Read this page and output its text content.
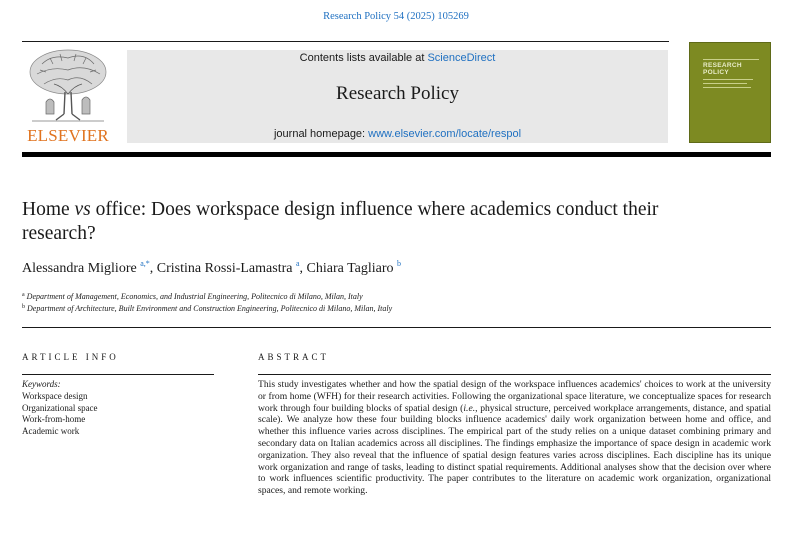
Research Policy 54 (2025) 105269
ELSEVIER
Contents lists available at ScienceDirect
Research Policy
journal homepage: www.elsevier.com/locate/respol
RESEARCH
POLICY
Home vs office: Does workspace design influence where academics conduct their research?
Alessandra Migliore $^{a,*}$, Cristina Rossi-Lamastra $^a$, Chiara Tagliaro $^b$
$^a$ Department of Management, Economics, and Industrial Engineering, Politecnico di Milano, Milan, Italy
$^b$ Department of Architecture, Built Environment and Construction Engineering, Politecnico di Milano, Milan, Italy
ARTICLE INFO
Keywords:
Workspace design
Organizational space
Work-from-home
Academic work
ABSTRACT
This study investigates whether and how the spatial design of the workspace influences academics' choices to work at the university or from home (WFH) for their research activities. Following the organizational space literature, we conceptualize spaces for research work through four building blocks of spatial design (i.e., physical structure, perceived workplace arrangements, distance, and spatial scale). We analyze how these four building blocks influence academics' daily work organization between home and office, and whether this influence varies across disciplines. The empirical part of the study relies on a unique dataset combining primary and secondary data on Italian academics across all disciplines. The findings emphasize the importance of space design in academic work organization. They also reveal that the influence of spatial design features varies across disciplines. Each discipline has its unique work organization and range of tasks, leading to distinct spatial requirements. Additional analyses show that the decision over where to work influences scientific productivity. The paper contributes to the literature on academic work organization, organizational spaces, and remote working.
